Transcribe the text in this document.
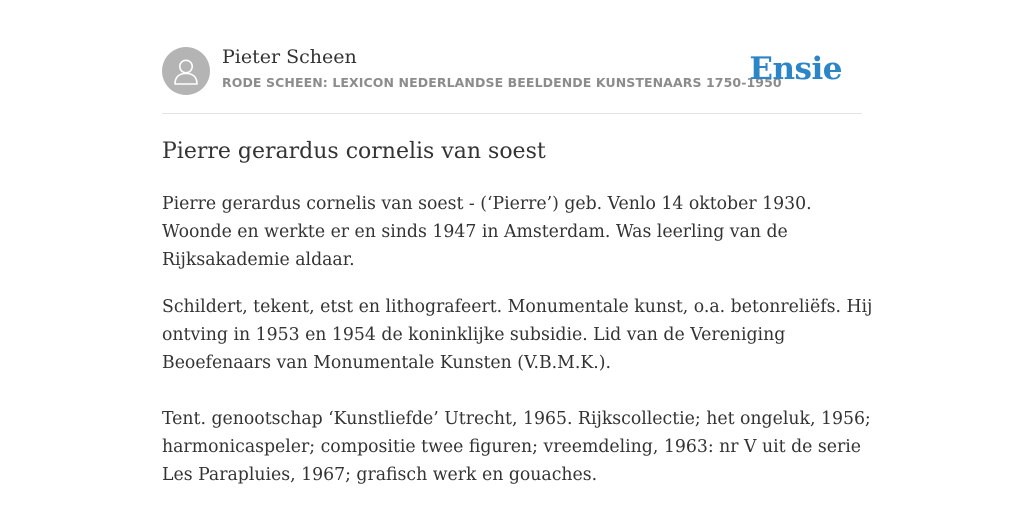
Pieter Scheen
RODE SCHEEN: LEXICON NEDERLANDSE BEELDENDE KUNSTENAARS 1750-1950
Ensie
Pierre gerardus cornelis van soest

Pierre gerardus cornelis van soest - (‘Pierre’) geb. Venlo 14 oktober 1930.
Woonde en werkte er en sinds 1947 in Amsterdam. Was leerling van de
Rijksakademie aldaar.

Schildert, tekent, etst en lithografeert. Monumentale kunst, o.a. betonreliëfs. Hij
ontving in 1953 en 1954 de koninklijke subsidie. Lid van de Vereniging
Beoefenaars van Monumentale Kunsten (V.B.M.K.).

Tent. genootschap ‘Kunstliefde’ Utrecht, 1965. Rijkscollectie; het ongeluk, 1956;
harmonicaspeler; compositie twee figuren; vreemdeling, 1963: nr V uit de serie
Les Parapluies, 1967; grafisch werk en gouaches.
